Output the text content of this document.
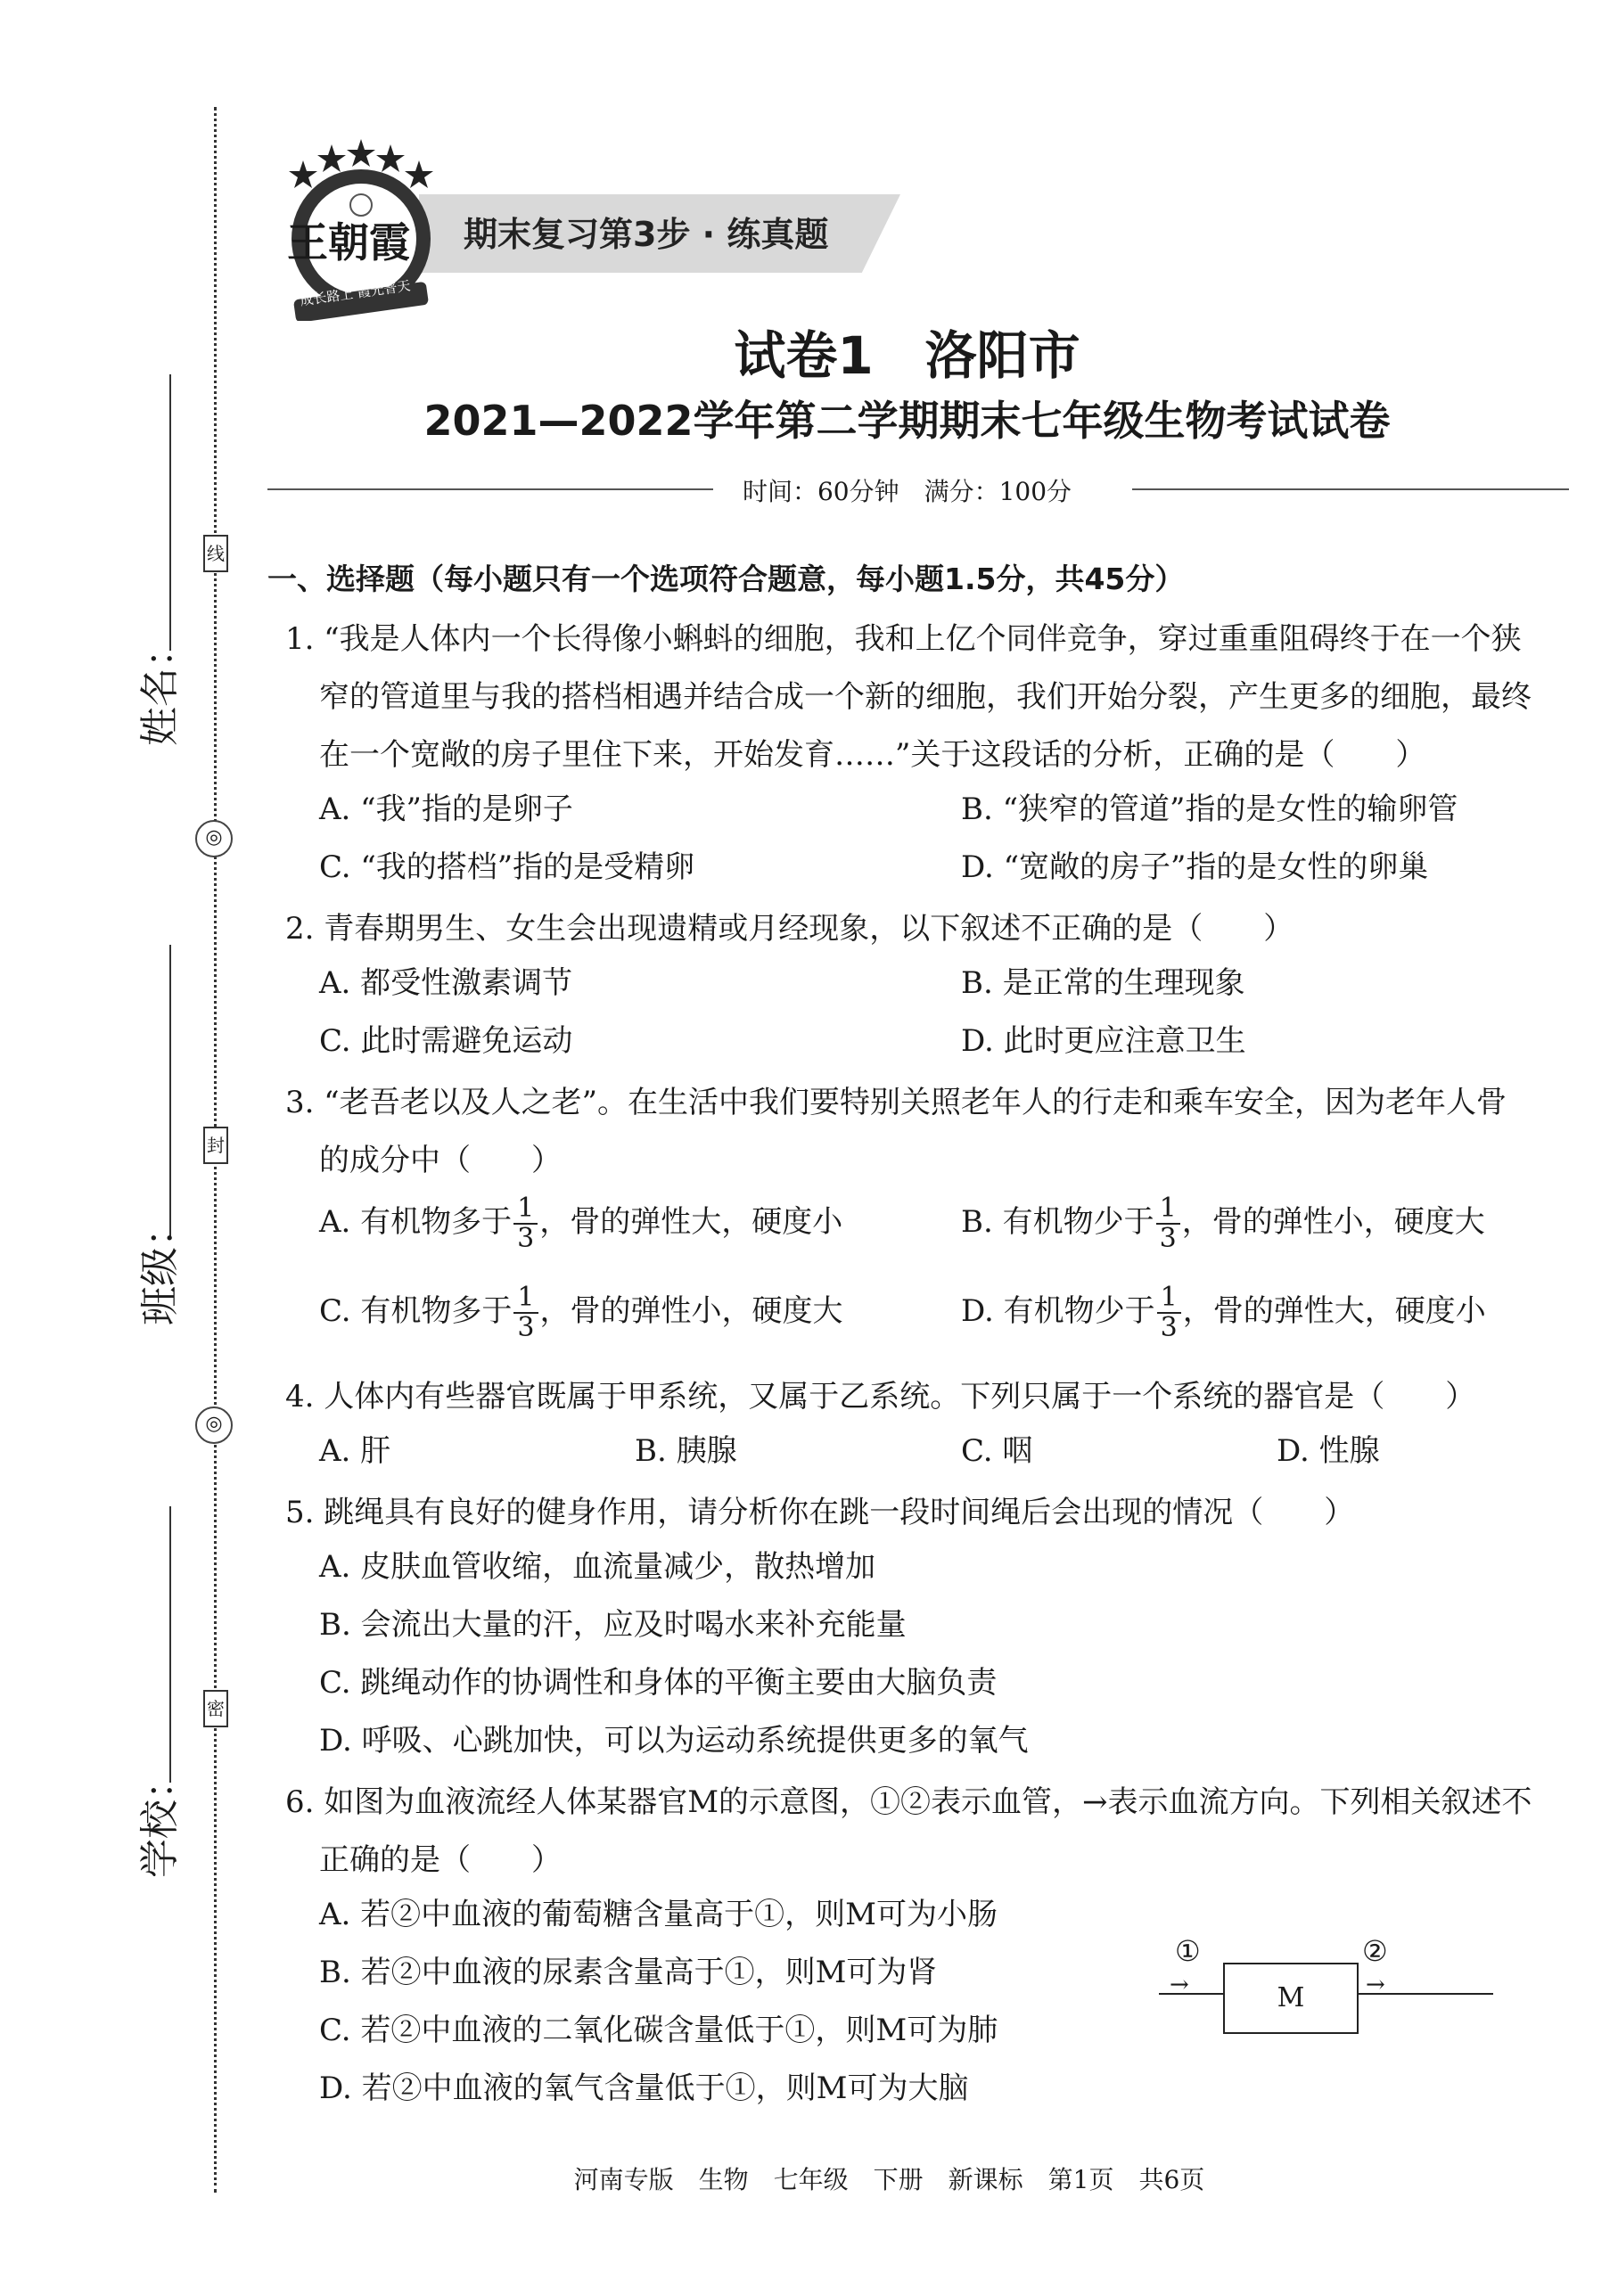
线
封
密
◎
◎
姓名：
班级：
学校：
期末复习第3步 · 练真题
王朝霞
成长路上 霞光普天
试卷1　洛阳市
2021—2022学年第二学期期末七年级生物考试试卷
时间：60分钟　满分：100分
一、选择题（每小题只有一个选项符合题意，每小题1.5分，共45分）
1. “我是人体内一个长得像小蝌蚪的细胞，我和上亿个同伴竞争，穿过重重阻碍终于在一个狭

窄的管道里与我的搭档相遇并结合成一个新的细胞，我们开始分裂，产生更多的细胞，最终
在一个宽敞的房子里住下来，开始发育……”关于这段话的分析，正确的是（　　）
A. “我”指的是卵子	B. “狭窄的管道”指的是女性的输卵管
C. “我的搭档”指的是受精卵	D. “宽敞的房子”指的是女性的卵巢
2. 青春期男生、女生会出现遗精或月经现象，以下叙述不正确的是（　　）
A. 都受性激素调节	B. 是正常的生理现象
C. 此时需避免运动	D. 此时更应注意卫生
3. “老吾老以及人之老”。在生活中我们要特别关照老年人的行走和乘车安全，因为老年人骨

的成分中（　　）
A. 有机物多于 $\frac{1}{3}$ ，骨的弹性大，硬度小	B. 有机物少于 $\frac{1}{3}$ ，骨的弹性小，硬度大
C. 有机物多于 $\frac{1}{3}$ ，骨的弹性小，硬度大	D. 有机物少于 $\frac{1}{3}$ ，骨的弹性大，硬度小
4. 人体内有些器官既属于甲系统，又属于乙系统。下列只属于一个系统的器官是（　　）
A. 肝	B. 胰腺	C. 咽	D. 性腺
5. 跳绳具有良好的健身作用，请分析你在跳一段时间绳后会出现的情况（　　）
A. 皮肤血管收缩，血流量减少，散热增加
B. 会流出大量的汗，应及时喝水来补充能量
C. 跳绳动作的协调性和身体的平衡主要由大脑负责
D. 呼吸、心跳加快，可以为运动系统提供更多的氧气
6. 如图为血液流经人体某器官M的示意图，①②表示血管，→表示血流方向。下列相关叙述不

正确的是（　　）
A. 若②中血液的葡萄糖含量高于①，则M可为小肠
B. 若②中血液的尿素含量高于①，则M可为肾
C. 若②中血液的二氧化碳含量低于①，则M可为肺
D. 若②中血液的氧气含量低于①，则M可为大脑
M
①
→
②
→
河南专版　生物　七年级　下册　新课标　第1页　共6页
